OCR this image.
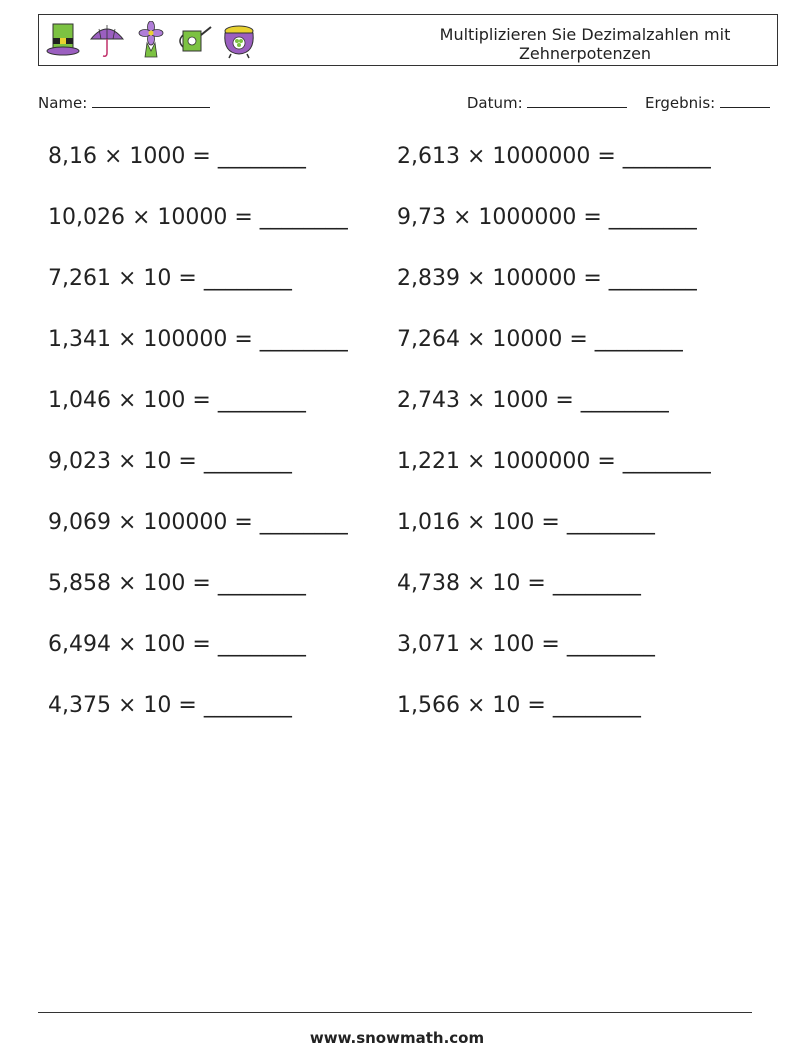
Multiplizieren Sie Dezimalzahlen mit Zehnerpotenzen
Name:	Datum:	Ergebnis:
8,16 × 1000 = ________	2,613 × 1000000 = ________
10,026 × 10000 = ________ 9,73 × 1000000 = ________
7,261 × 10 = ________	2,839 × 100000 = ________
1,341 × 100000 = ________ 7,264 × 10000 = ________
1,046 × 100 = ________	2,743 × 1000 = ________
9,023 × 10 = ________	1,221 × 1000000 = ________
9,069 × 100000 = ________ 1,016 × 100 = ________
5,858 × 100 = ________	4,738 × 10 = ________
6,494 × 100 = ________	3,071 × 100 = ________
4,375 × 10 = ________	1,566 × 10 = ________
www.snowmath.com
